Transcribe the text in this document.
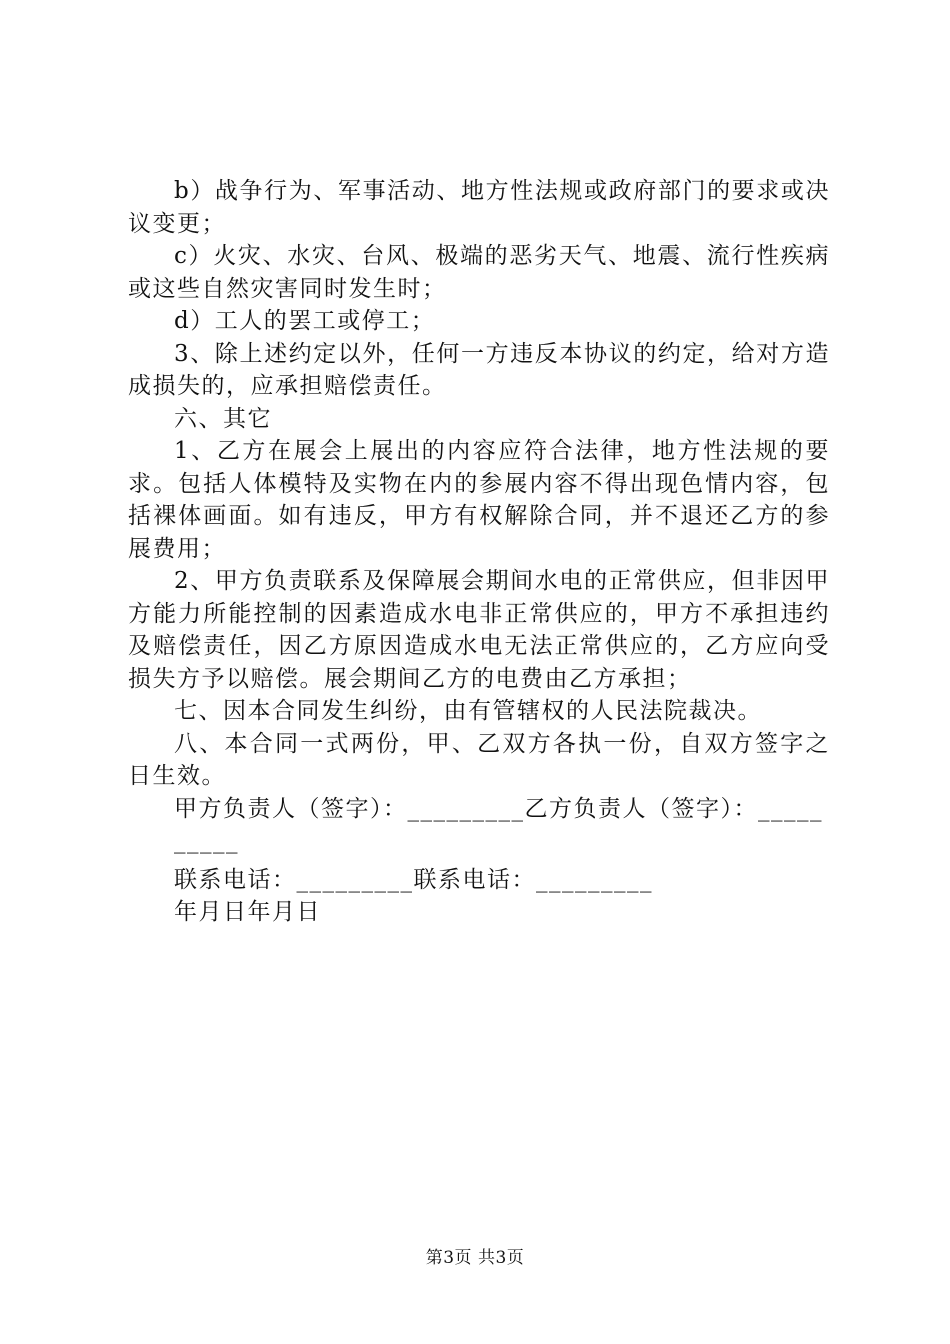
b）战争行为、军事活动、地方性法规或政府部门的要求或决议变更；

c）火灾、水灾、台风、极端的恶劣天气、地震、流行性疾病或这些自然灾害同时发生时；

d）工人的罢工或停工；

3、除上述约定以外，任何一方违反本协议的约定，给对方造成损失的，应承担赔偿责任。

六、其它

1、乙方在展会上展出的内容应符合法律，地方性法规的要求。包括人体模特及实物在内的参展内容不得出现色情内容，包括裸体画面。如有违反，甲方有权解除合同，并不退还乙方的参展费用；

2、甲方负责联系及保障展会期间水电的正常供应，但非因甲方能力所能控制的因素造成水电非正常供应的，甲方不承担违约及赔偿责任，因乙方原因造成水电无法正常供应的，乙方应向受损失方予以赔偿。展会期间乙方的电费由乙方承担；

七、因本合同发生纠纷，由有管辖权的人民法院裁决。

八、本合同一式两份，甲、乙双方各执一份，自双方签字之日生效。

甲方负责人（签字）：_________乙方负责人（签字）：__________

联系电话：_________联系电话：_________

年月日年月日

第3页 共3页
